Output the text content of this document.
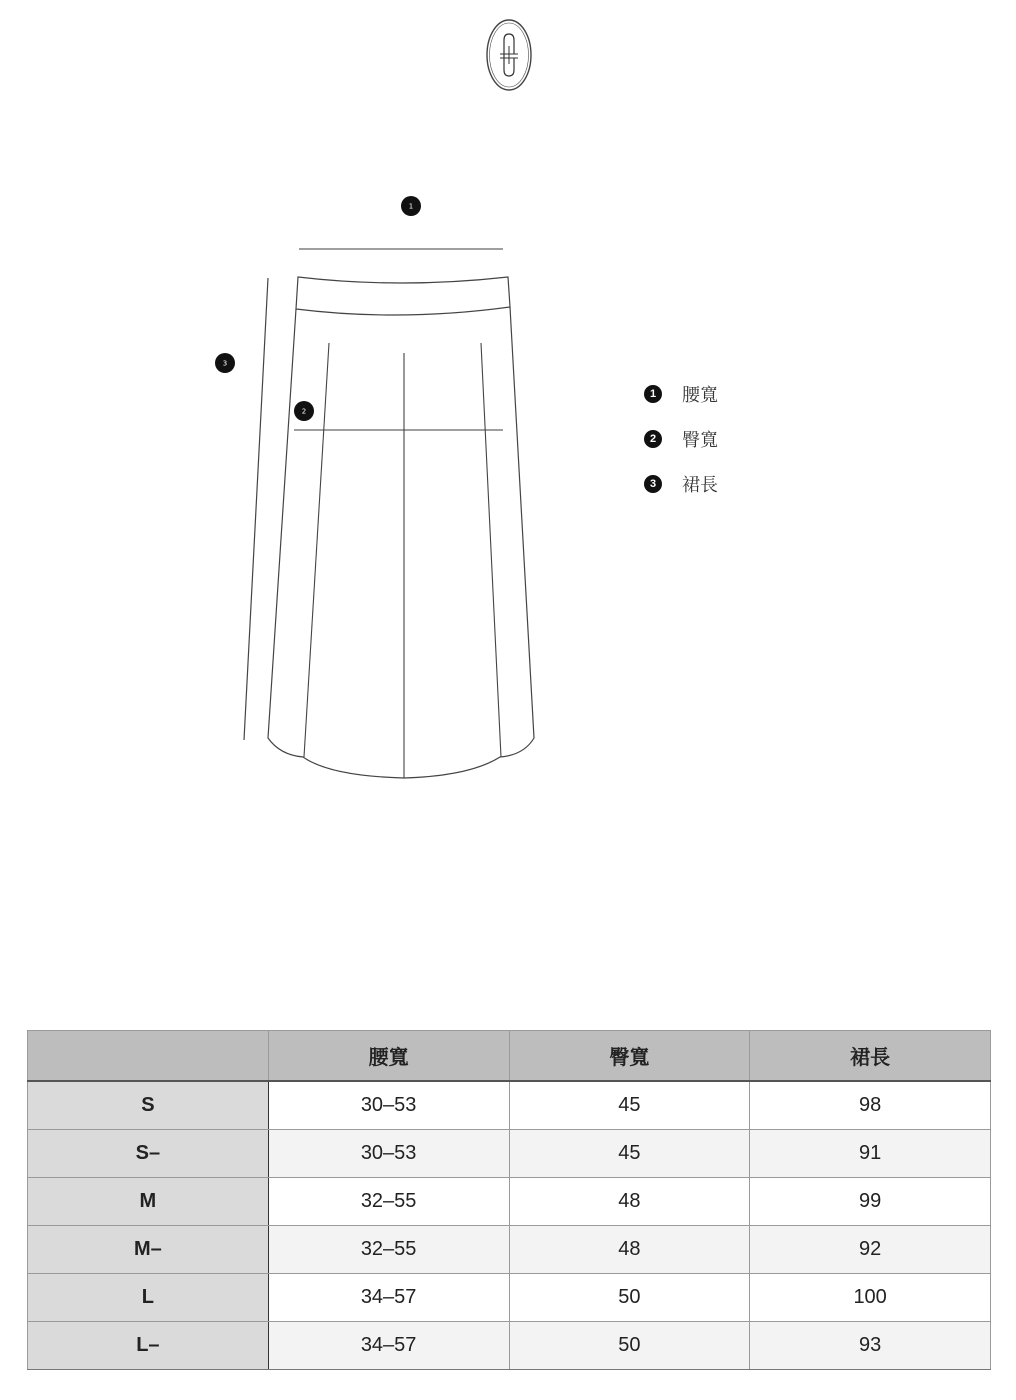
1
2
3
1	腰寬
2	臀寬
3	裙長
	腰寬	臀寬	裙長
S	30–53	45	98
S–	30–53	45	91
M	32–55	48	99
M–	32–55	48	92
L	34–57	50	100
L–	34–57	50	93
